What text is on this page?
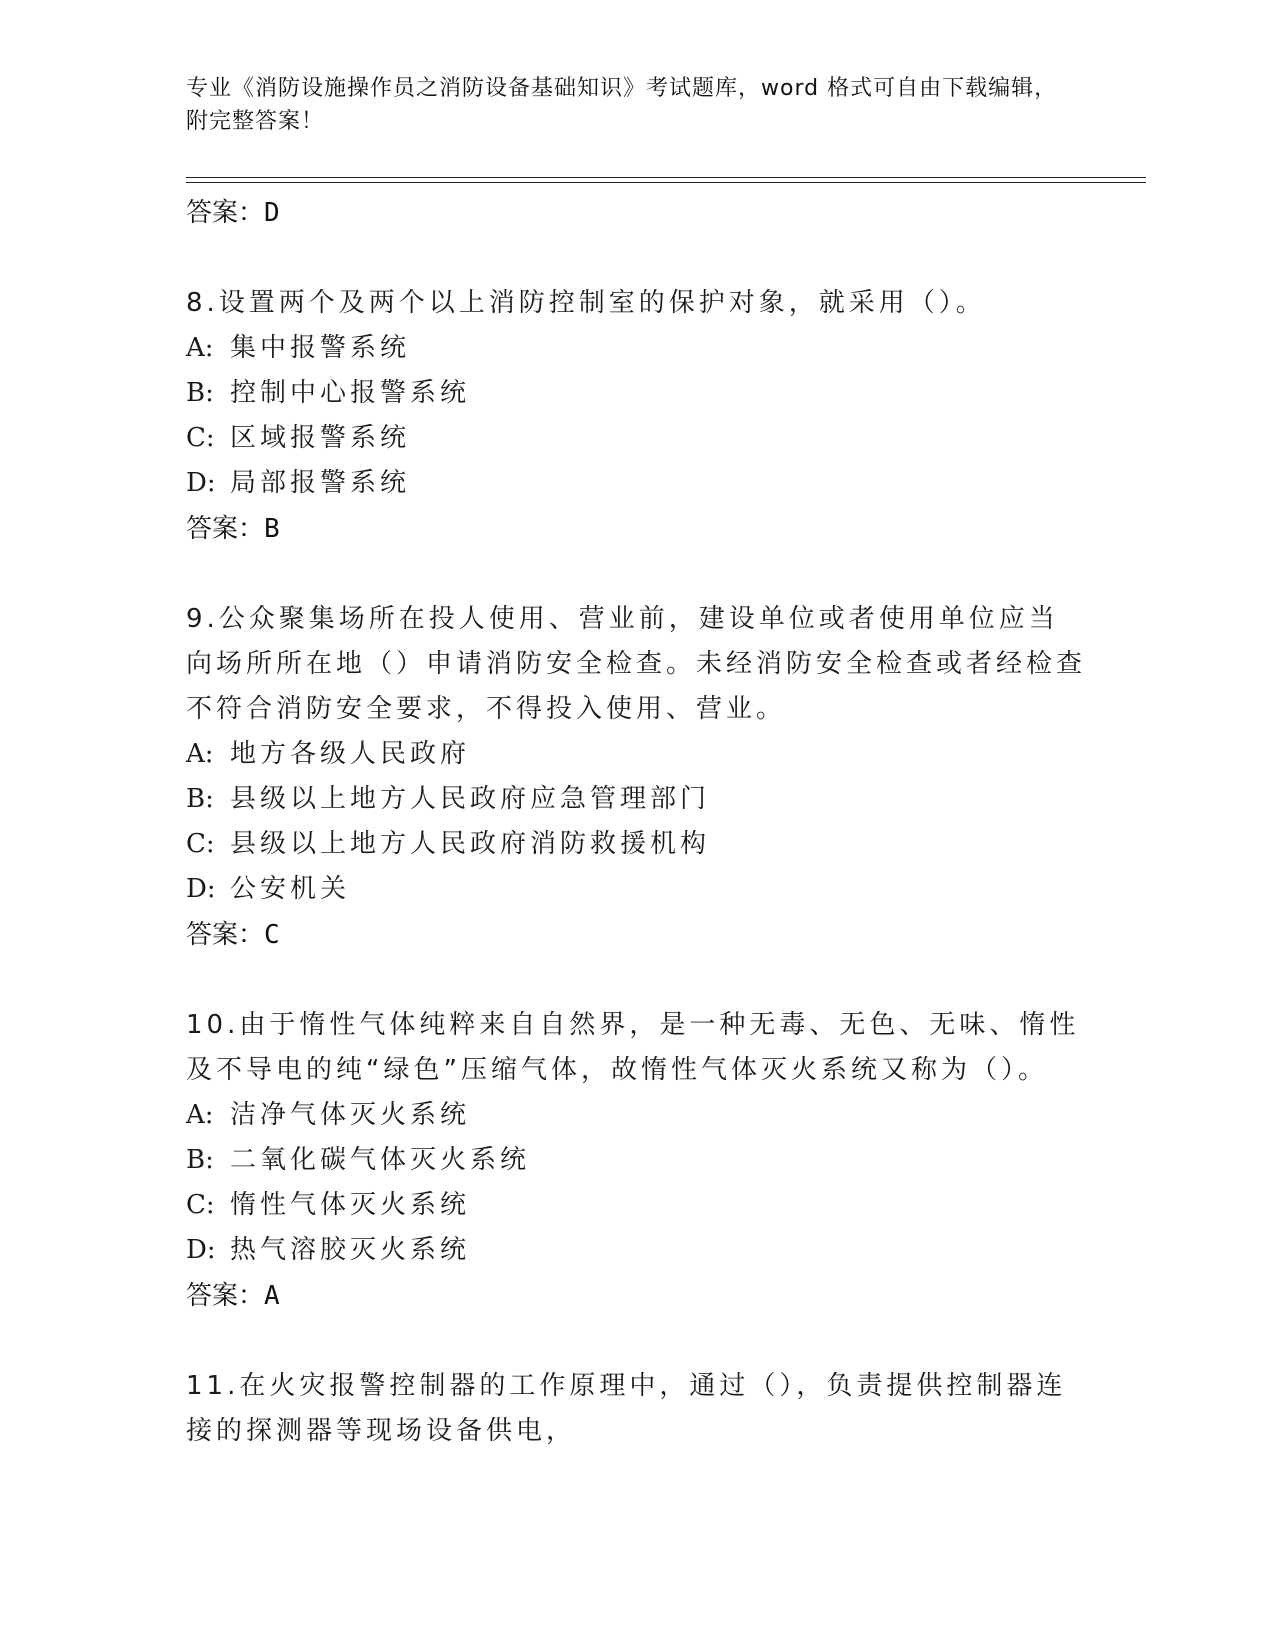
专业《消防设施操作员之消防设备基础知识》考试题库，word 格式可自由下载编辑，附完整答案！
答案：D
8.设置两个及两个以上消防控制室的保护对象，就采用（）。
A: 集中报警系统
B: 控制中心报警系统
C: 区域报警系统
D: 局部报警系统
答案：B
9.公众聚集场所在投人使用、营业前，建设单位或者使用单位应当向场所所在地（）申请消防安全检查。未经消防安全检查或者经检查不符合消防安全要求，不得投入使用、营业。
A: 地方各级人民政府
B: 县级以上地方人民政府应急管理部门
C: 县级以上地方人民政府消防救援机构
D: 公安机关
答案：C
10.由于惰性气体纯粹来自自然界，是一种无毒、无色、无味、惰性及不导电的纯“绿色”压缩气体，故惰性气体灭火系统又称为（）。
A: 洁净气体灭火系统
B: 二氧化碳气体灭火系统
C: 惰性气体灭火系统
D: 热气溶胶灭火系统
答案：A
11.在火灾报警控制器的工作原理中，通过（），负责提供控制器连接的探测器等现场设备供电，
